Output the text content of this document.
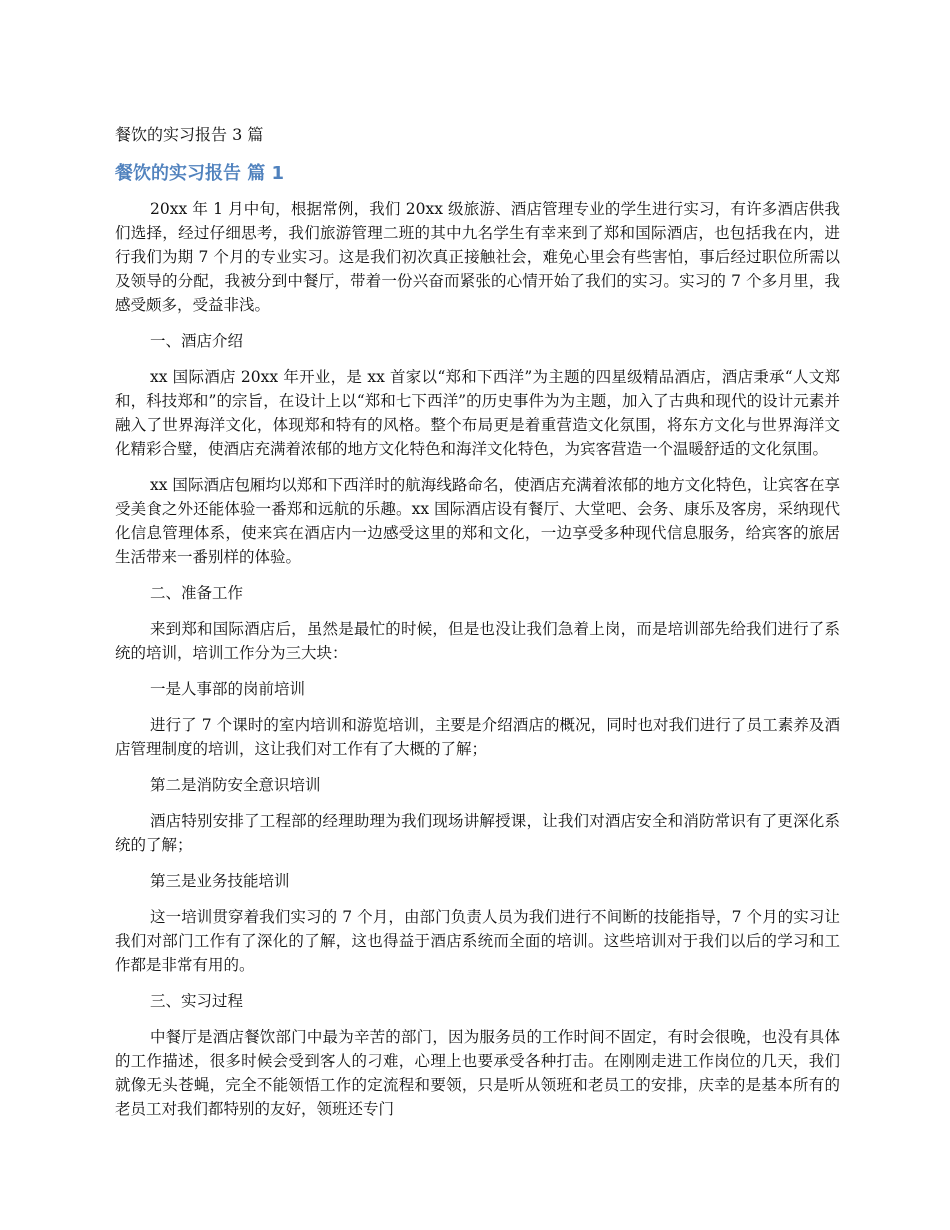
餐饮的实习报告 3 篇
餐饮的实习报告 篇 1

20xx 年 1 月中旬，根据常例，我们 20xx 级旅游、酒店管理专业的学生进行实习，有许多酒店供我们选择，经过仔细思考，我们旅游管理二班的其中九名学生有幸来到了郑和国际酒店，也包括我在内，进行我们为期 7 个月的专业实习。这是我们初次真正接触社会，难免心里会有些害怕，事后经过职位所需以及领导的分配，我被分到中餐厅，带着一份兴奋而紧张的心情开始了我们的实习。实习的 7 个多月里，我感受颇多，受益非浅。

一、酒店介绍

xx 国际酒店 20xx 年开业，是 xx 首家以“郑和下西洋”为主题的四星级精品酒店，酒店秉承“人文郑和，科技郑和”的宗旨，在设计上以“郑和七下西洋”的历史事件为为主题，加入了古典和现代的设计元素并融入了世界海洋文化，体现郑和特有的风格。整个布局更是着重营造文化氛围，将东方文化与世界海洋文化精彩合璧，使酒店充满着浓郁的地方文化特色和海洋文化特色，为宾客营造一个温暖舒适的文化氛围。

xx 国际酒店包厢均以郑和下西洋时的航海线路命名，使酒店充满着浓郁的地方文化特色，让宾客在享受美食之外还能体验一番郑和远航的乐趣。xx 国际酒店设有餐厅、大堂吧、会务、康乐及客房，采纳现代化信息管理体系，使来宾在酒店内一边感受这里的郑和文化，一边享受多种现代信息服务，给宾客的旅居生活带来一番别样的体验。

二、准备工作

来到郑和国际酒店后，虽然是最忙的时候，但是也没让我们急着上岗，而是培训部先给我们进行了系统的培训，培训工作分为三大块：

一是人事部的岗前培训

进行了 7 个课时的室内培训和游览培训，主要是介绍酒店的概况，同时也对我们进行了员工素养及酒店管理制度的培训，这让我们对工作有了大概的了解；

第二是消防安全意识培训

酒店特别安排了工程部的经理助理为我们现场讲解授课，让我们对酒店安全和消防常识有了更深化系统的了解；

第三是业务技能培训

这一培训贯穿着我们实习的 7 个月，由部门负责人员为我们进行不间断的技能指导，7 个月的实习让我们对部门工作有了深化的了解，这也得益于酒店系统而全面的培训。这些培训对于我们以后的学习和工作都是非常有用的。

三、实习过程

中餐厅是酒店餐饮部门中最为辛苦的部门，因为服务员的工作时间不固定，有时会很晚，也没有具体的工作描述，很多时候会受到客人的刁难，心理上也要承受各种打击。在刚刚走进工作岗位的几天，我们就像无头苍蝇，完全不能领悟工作的定流程和要领，只是听从领班和老员工的安排，庆幸的是基本所有的老员工对我们都特别的友好，领班还专门
